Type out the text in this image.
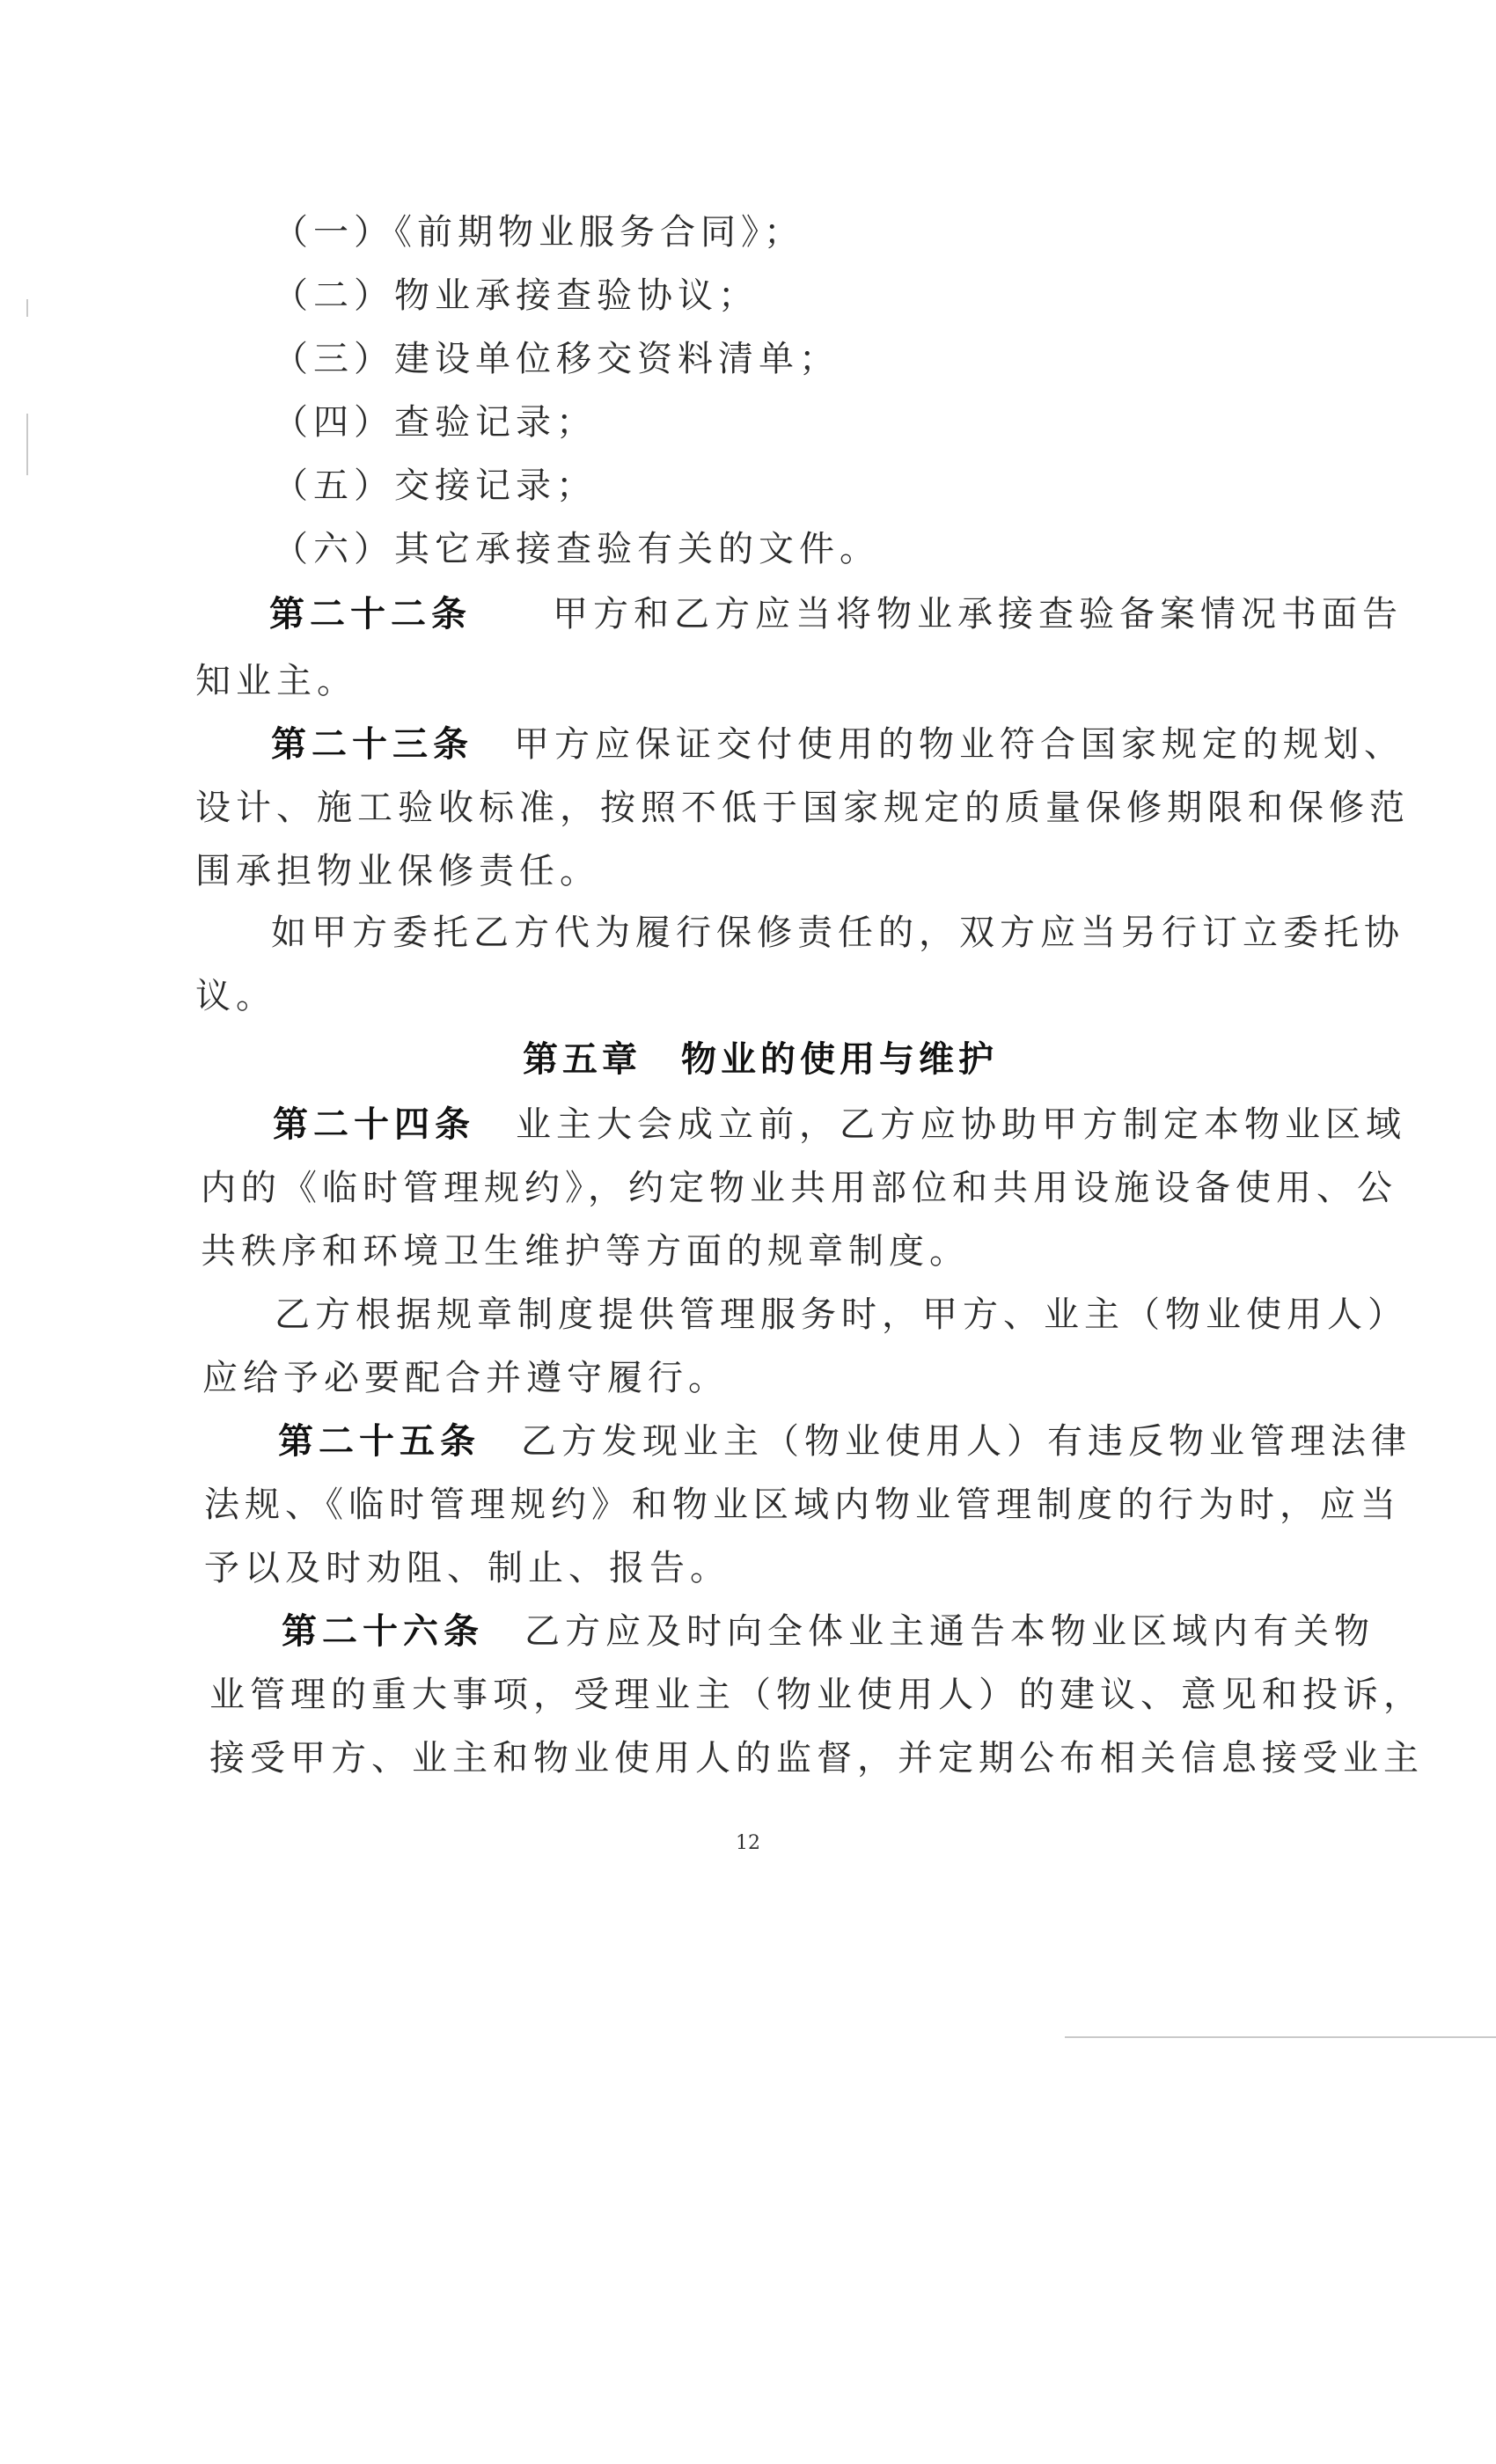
（一）《前期物业服务合同》；
（二）物业承接查验协议；
（三）建设单位移交资料清单；
（四）查验记录；
（五）交接记录；
（六）其它承接查验有关的文件。
第二十二条　　 甲方和乙方应当将物业承接查验备案情况书面告
知业主。
第二十三条　 甲方应保证交付使用的物业符合国家规定的规划、
设计、施工验收标准，按照不低于国家规定的质量保修期限和保修范
围承担物业保修责任。
如甲方委托乙方代为履行保修责任的，双方应当另行订立委托协
议。
第五章　物业的使用与维护
第二十四条　 业主大会成立前，乙方应协助甲方制定本物业区域
内的《临时管理规约》，约定物业共用部位和共用设施设备使用、公
共秩序和环境卫生维护等方面的规章制度。
乙方根据规章制度提供管理服务时，甲方、业主（物业使用人）
应给予必要配合并遵守履行。
第二十五条　 乙方发现业主（物业使用人）有违反物业管理法律
法规、《临时管理规约》和物业区域内物业管理制度的行为时，应当
予以及时劝阻、制止、报告。
第二十六条　 乙方应及时向全体业主通告本物业区域内有关物
业管理的重大事项，受理业主（物业使用人）的建议、意见和投诉，
接受甲方、业主和物业使用人的监督，并定期公布相关信息接受业主
12
